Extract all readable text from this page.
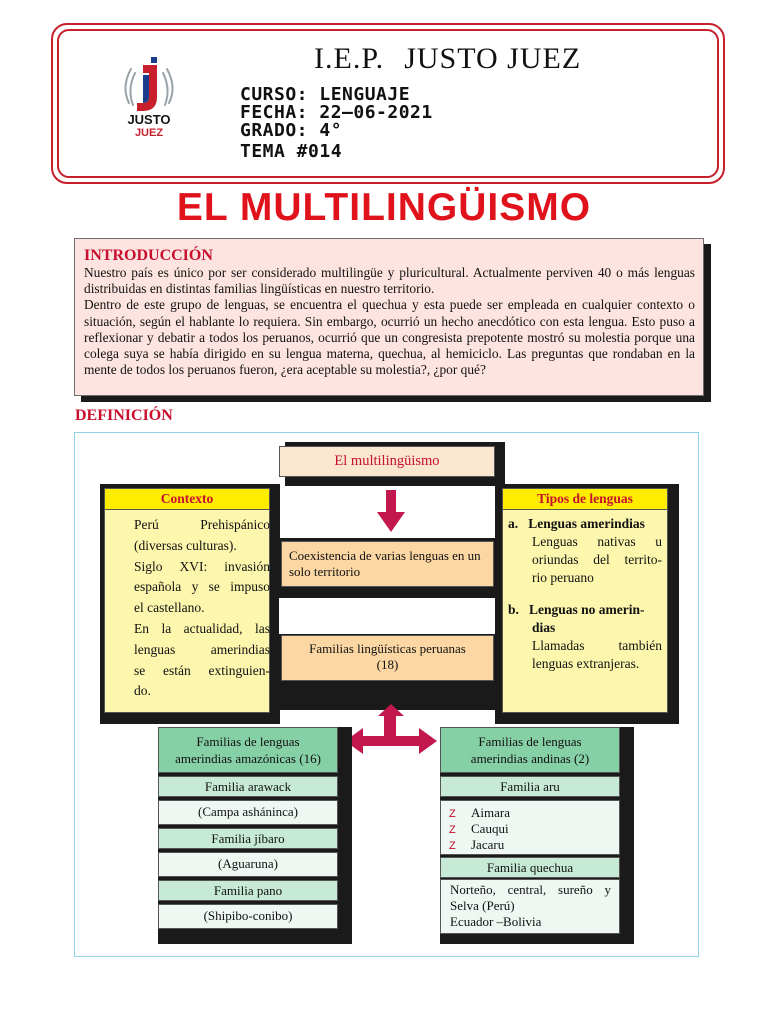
JUSTO
JUEZ
I.E.P. JUSTO JUEZ
CURSO: LENGUAJE
FECHA: 22–06-2021
GRADO: 4°
TEMA #014
EL MULTILINGÜISMO
INTRODUCCIÓN
Nuestro país es único por ser considerado multilingüe y pluricultural. Actualmente perviven 40 o más lenguas distribuidas en distintas familias lingüísticas en nuestro territorio.
Dentro de este grupo de lenguas, se encuentra el quechua y esta puede ser empleada en cualquier contexto o situación, según el hablante lo requiera. Sin embargo, ocurrió un hecho anecdótico con esta lengua. Esto puso a reflexionar y debatir a todos los peruanos, ocurrió que un congresista prepotente mostró su molestia porque una colega suya se había dirigido en su lengua materna, quechua, al hemiciclo. Las preguntas que rondaban en la mente de todos los peruanos fueron, ¿era aceptable su molestia?, ¿por qué?
DEFINICIÓN
El multilingüismo
Contexto
Perú Prehispánico
(diversas culturas).
Siglo XVI: invasión
española y se impuso
el castellano.
En la actualidad, las
lenguas amerindias
se están extinguien-
do.
Tipos de lenguas
a. Lenguas amerindias
Lenguas nativas u
oriundas del territo-
rio peruano
b. Lenguas no amerin-
dias
Llamadas también
lenguas extranjeras.
Coexistencia de varias lenguas en un solo territorio
Familias lingüísticas peruanas
(18)
Familias de lenguas
amerindias amazónicas (16)
Familia arawack
(Campa asháninca)
Familia jíbaro
(Aguaruna)
Familia pano
(Shipibo-conibo)
Familias de lenguas
amerindias andinas (2)
Familia aru
Z Aimara
Z Cauqui
Z Jacaru
Familia quechua
Norteño, central, sureño y
Selva (Perú)
Ecuador –Bolivia
